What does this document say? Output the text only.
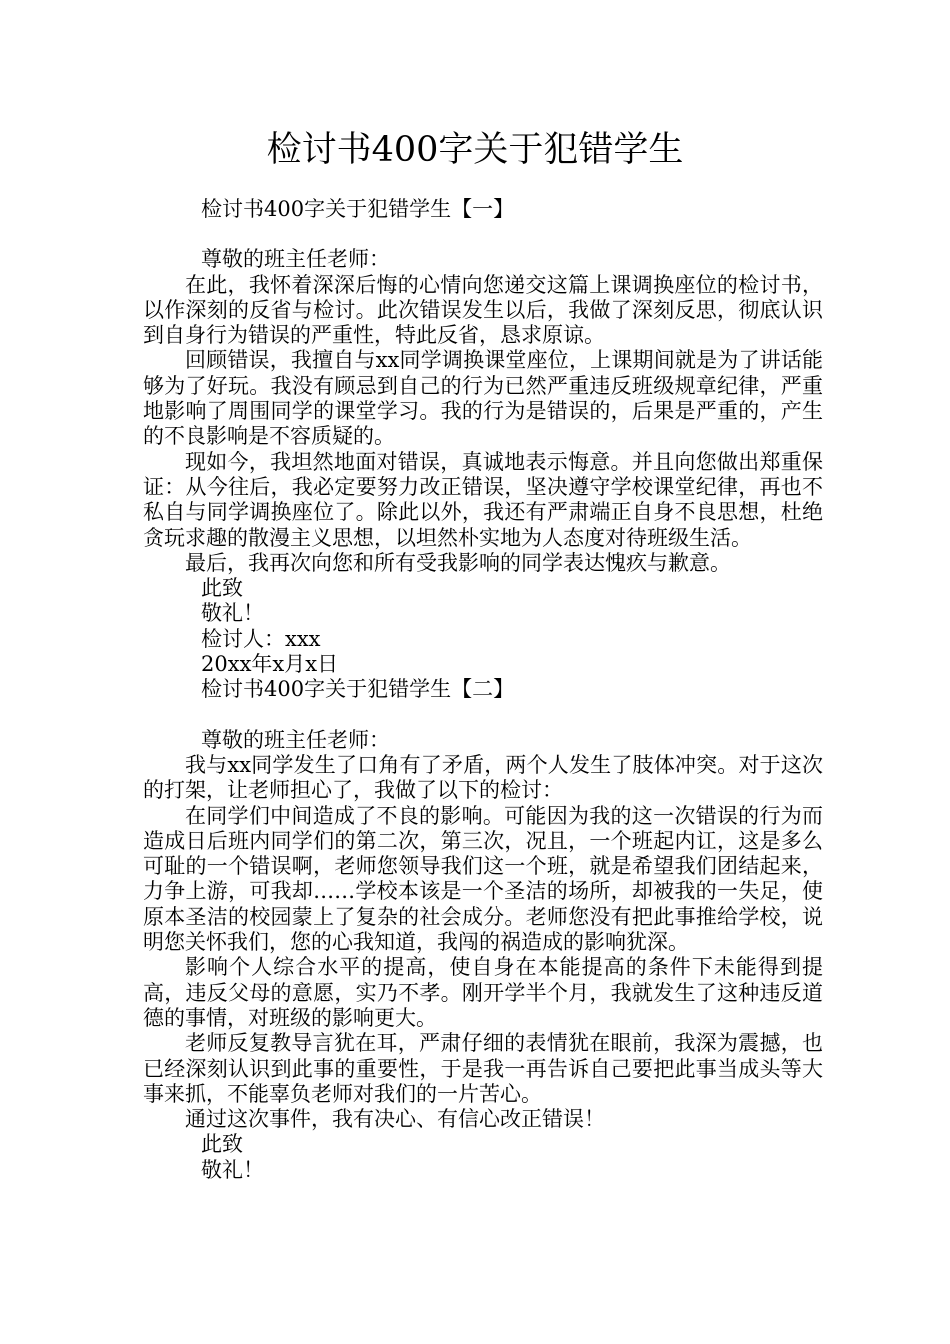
检讨书400字关于犯错学生
检讨书400字关于犯错学生【一】
尊敬的班主任老师：

在此，我怀着深深后悔的心情向您递交这篇上课调换座位的检讨书，以作深刻的反省与检讨。此次错误发生以后，我做了深刻反思，彻底认识到自身行为错误的严重性，特此反省，恳求原谅。

回顾错误，我擅自与xx同学调换课堂座位，上课期间就是为了讲话能够为了好玩。我没有顾忌到自己的行为已然严重违反班级规章纪律，严重地影响了周围同学的课堂学习。我的行为是错误的，后果是严重的，产生的不良影响是不容质疑的。

现如今，我坦然地面对错误，真诚地表示悔意。并且向您做出郑重保证：从今往后，我必定要努力改正错误，坚决遵守学校课堂纪律，再也不私自与同学调换座位了。除此以外，我还有严肃端正自身不良思想，杜绝贪玩求趣的散漫主义思想，以坦然朴实地为人态度对待班级生活。

最后，我再次向您和所有受我影响的同学表达愧疚与歉意。

此致
敬礼！
检讨人：xxx
20xx年x月x日
检讨书400字关于犯错学生【二】
尊敬的班主任老师：

我与xx同学发生了口角有了矛盾，两个人发生了肢体冲突。对于这次的打架，让老师担心了，我做了以下的检讨：

在同学们中间造成了不良的影响。可能因为我的这一次错误的行为而造成日后班内同学们的第二次，第三次，况且，一个班起内讧，这是多么可耻的一个错误啊，老师您领导我们这一个班，就是希望我们团结起来，力争上游，可我却……学校本该是一个圣洁的场所，却被我的一失足，使原本圣洁的校园蒙上了复杂的社会成分。老师您没有把此事推给学校，说明您关怀我们，您的心我知道，我闯的祸造成的影响犹深。

影响个人综合水平的提高，使自身在本能提高的条件下未能得到提高，违反父母的意愿，实乃不孝。刚开学半个月，我就发生了这种违反道德的事情，对班级的影响更大。

老师反复教导言犹在耳，严肃仔细的表情犹在眼前，我深为震撼，也已经深刻认识到此事的重要性，于是我一再告诉自己要把此事当成头等大事来抓，不能辜负老师对我们的一片苦心。

通过这次事件，我有决心、有信心改正错误！

此致
敬礼！
